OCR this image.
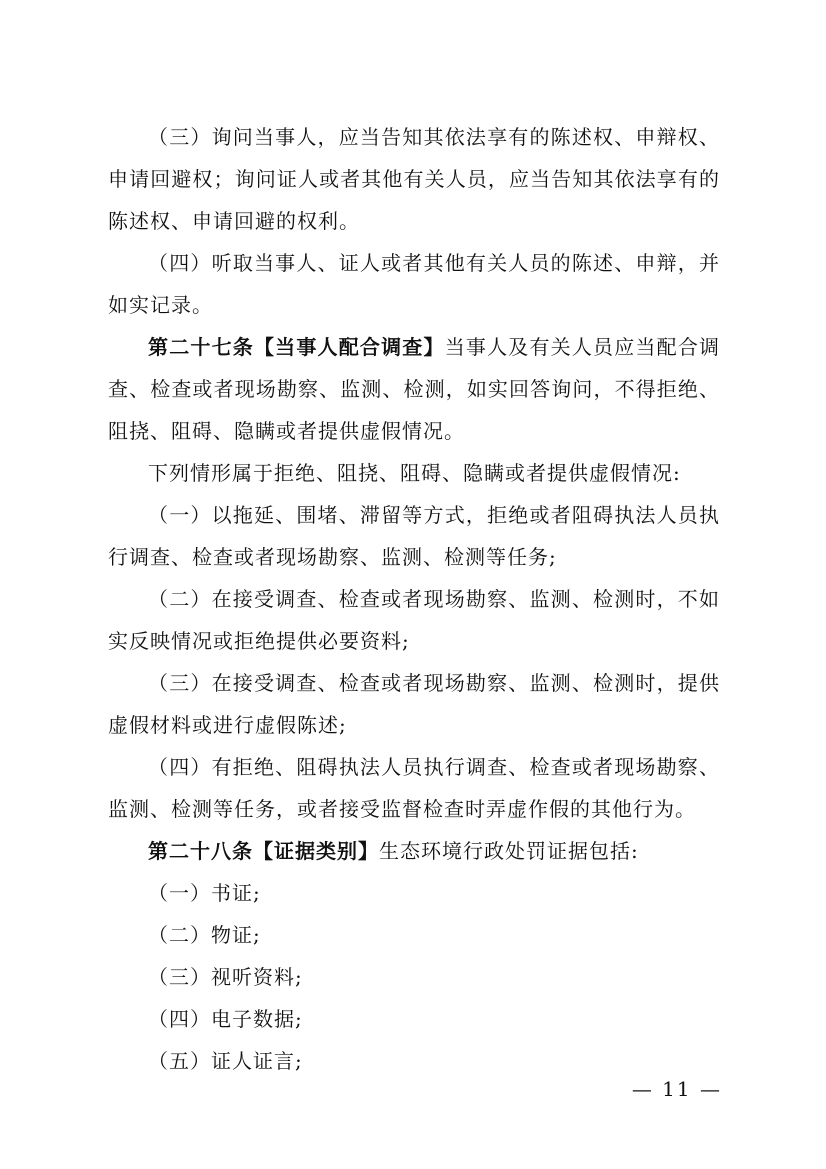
（三）询问当事人，应当告知其依法享有的陈述权、申辩权、申请回避权；询问证人或者其他有关人员，应当告知其依法享有的陈述权、申请回避的权利。

（四）听取当事人、证人或者其他有关人员的陈述、申辩，并如实记录。

第二十七条【当事人配合调查】当事人及有关人员应当配合调查、检查或者现场勘察、监测、检测，如实回答询问，不得拒绝、阻挠、阻碍、隐瞒或者提供虚假情况。

下列情形属于拒绝、阻挠、阻碍、隐瞒或者提供虚假情况:

（一）以拖延、围堵、滞留等方式，拒绝或者阻碍执法人员执行调查、检查或者现场勘察、监测、检测等任务;

（二）在接受调查、检查或者现场勘察、监测、检测时，不如实反映情况或拒绝提供必要资料;

（三）在接受调查、检查或者现场勘察、监测、检测时，提供虚假材料或进行虚假陈述;

（四）有拒绝、阻碍执法人员执行调查、检查或者现场勘察、监测、检测等任务，或者接受监督检查时弄虚作假的其他行为。

第二十八条【证据类别】生态环境行政处罚证据包括:

（一）书证;

（二）物证;

（三）视听资料;

（四）电子数据;

（五）证人证言;

— 11 —
